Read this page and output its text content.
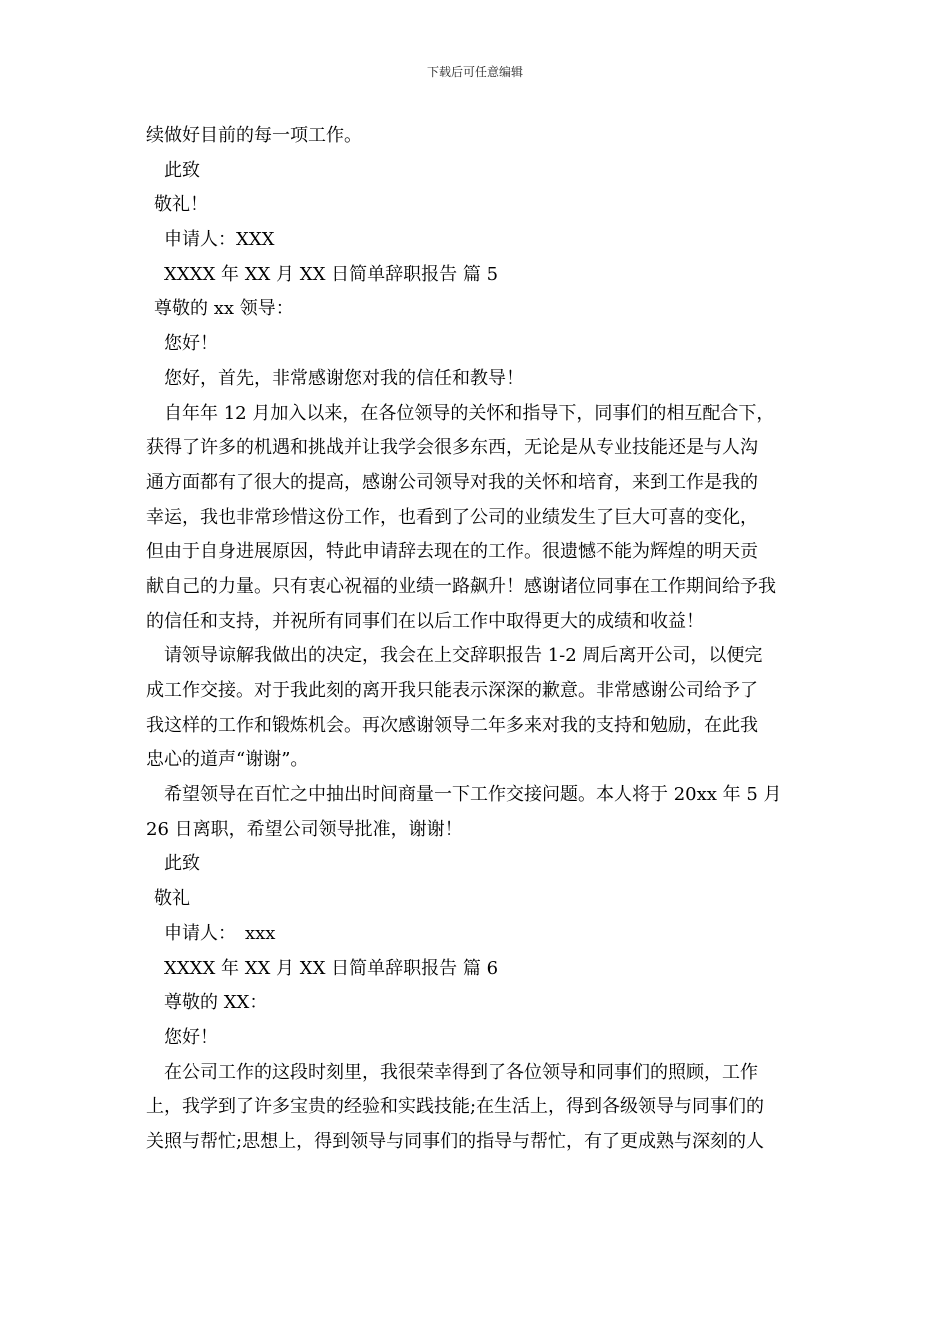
下载后可任意编辑
续做好目前的每一项工作。
此致
敬礼！
申请人：XXX
XXXX 年 XX 月 XX 日简单辞职报告 篇 5
尊敬的 xx 领导：
您好！
您好，首先，非常感谢您对我的信任和教导！
自年年 12 月加入以来，在各位领导的关怀和指导下，同事们的相互配合下，
获得了许多的机遇和挑战并让我学会很多东西，无论是从专业技能还是与人沟
通方面都有了很大的提高，感谢公司领导对我的关怀和培育，来到工作是我的
幸运，我也非常珍惜这份工作，也看到了公司的业绩发生了巨大可喜的变化，
但由于自身进展原因，特此申请辞去现在的工作。很遗憾不能为辉煌的明天贡
献自己的力量。只有衷心祝福的业绩一路飙升！感谢诸位同事在工作期间给予我
的信任和支持，并祝所有同事们在以后工作中取得更大的成绩和收益！
请领导谅解我做出的决定，我会在上交辞职报告 1-2 周后离开公司，以便完
成工作交接。对于我此刻的离开我只能表示深深的歉意。非常感谢公司给予了
我这样的工作和锻炼机会。再次感谢领导二年多来对我的支持和勉励，在此我
忠心的道声“谢谢”。
希望领导在百忙之中抽出时间商量一下工作交接问题。本人将于 20xx 年 5 月
26 日离职，希望公司领导批准，谢谢！
此致
敬礼
申请人：　xxx
XXXX 年 XX 月 XX 日简单辞职报告 篇 6
尊敬的 XX：
您好！
在公司工作的这段时刻里，我很荣幸得到了各位领导和同事们的照顾，工作
上，我学到了许多宝贵的经验和实践技能;在生活上，得到各级领导与同事们的
关照与帮忙;思想上，得到领导与同事们的指导与帮忙，有了更成熟与深刻的人
